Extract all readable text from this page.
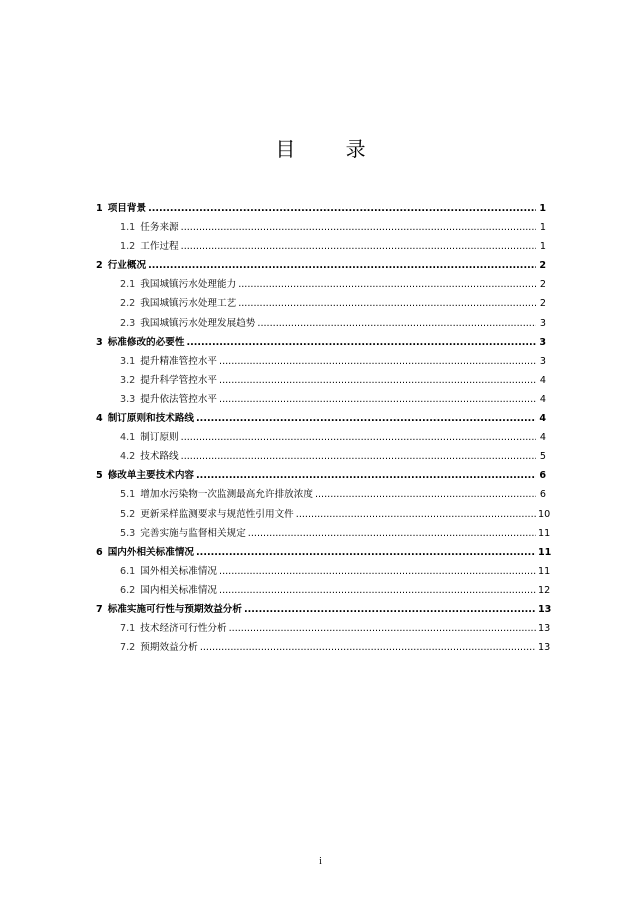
目 录
1 项目背景 .....	1
1.1 任务来源 .....	1
1.2 工作过程 .....	1
2 行业概况 .....	2
2.1 我国城镇污水处理能力 .....	2
2.2 我国城镇污水处理工艺 .....	2
2.3 我国城镇污水处理发展趋势 .....	3
3 标准修改的必要性 .....	3
3.1 提升精准管控水平 .....	3
3.2 提升科学管控水平 .....	4
3.3 提升依法管控水平 .....	4
4 制订原则和技术路线 .....	4
4.1 制订原则 .....	4
4.2 技术路线 .....	5
5 修改单主要技术内容 .....	6
5.1 增加水污染物一次监测最高允许排放浓度 .....	6
5.2 更新采样监测要求与规范性引用文件 .....	10
5.3 完善实施与监督相关规定 .....	11
6 国内外相关标准情况 .....	11
6.1 国外相关标准情况 .....	11
6.2 国内相关标准情况 .....	12
7 标准实施可行性与预期效益分析 .....	13
7.1 技术经济可行性分析 .....	13
7.2 预期效益分析 .....	13
i
